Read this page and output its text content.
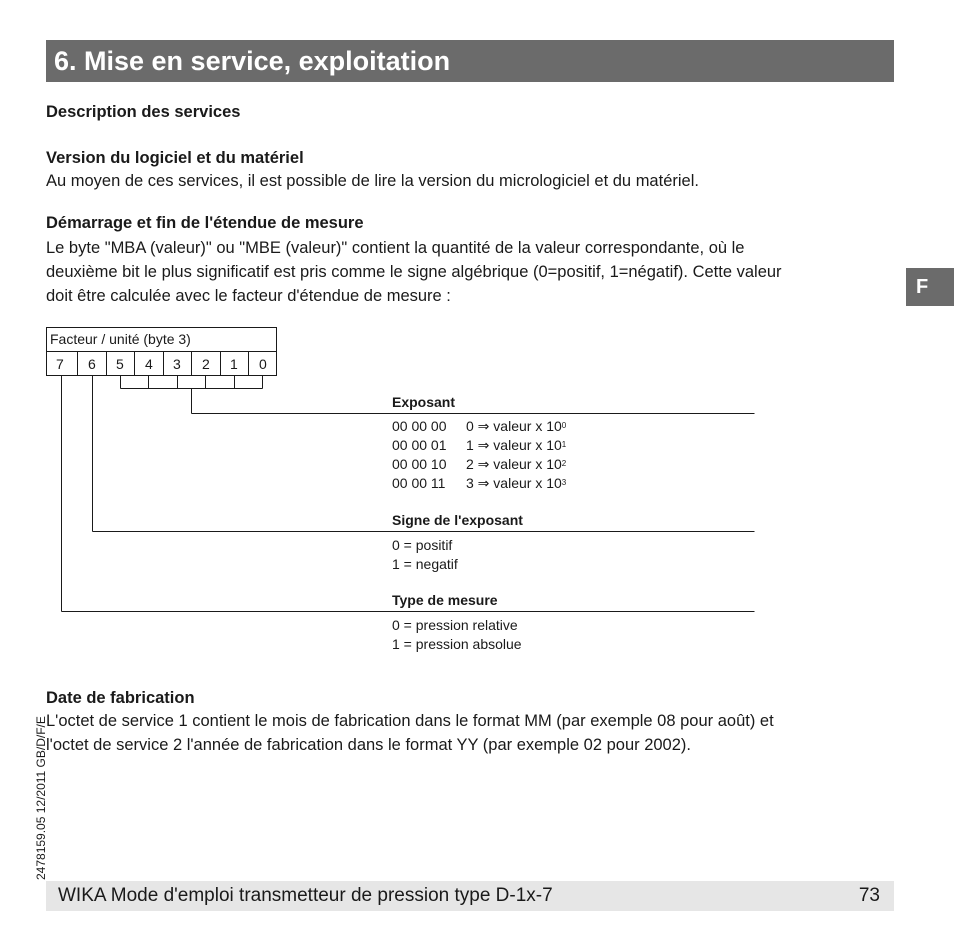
6. Mise en service, exploitation
F
Description des services
Version du logiciel et du matériel
Au moyen de ces services, il est possible de lire la version du micrologiciel et du matériel.
Démarrage et fin de l'étendue de mesure
Le byte "MBA (valeur)" ou "MBE (valeur)" contient la quantité de la valeur correspondante, où le
deuxième bit le plus significatif est pris comme le signe algébrique (0=positif, 1=négatif). Cette valeur
doit être calculée avec le facteur d'étendue de mesure :
Facteur / unité (byte 3)
7 6 5 4 3 2 1 0
Exposant
00 00 00 0 ⇒ valeur x $10^0$
00 00 01 1 ⇒ valeur x $10^1$
00 00 10 2 ⇒ valeur x $10^2$
00 00 11 3 ⇒ valeur x $10^3$
Signe de l'exposant
0 = positif
1 = negatif
Type de mesure
0 = pression relative
1 = pression absolue
Date de fabrication
L'octet de service 1 contient le mois de fabrication dans le format MM (par exemple 08 pour août) et
l'octet de service 2 l'année de fabrication dans le format YY (par exemple 02 pour 2002).
2478159.05 12/2011 GB/D/F/E
WIKA Mode d'emploi transmetteur de pression type D-1x-7	73
